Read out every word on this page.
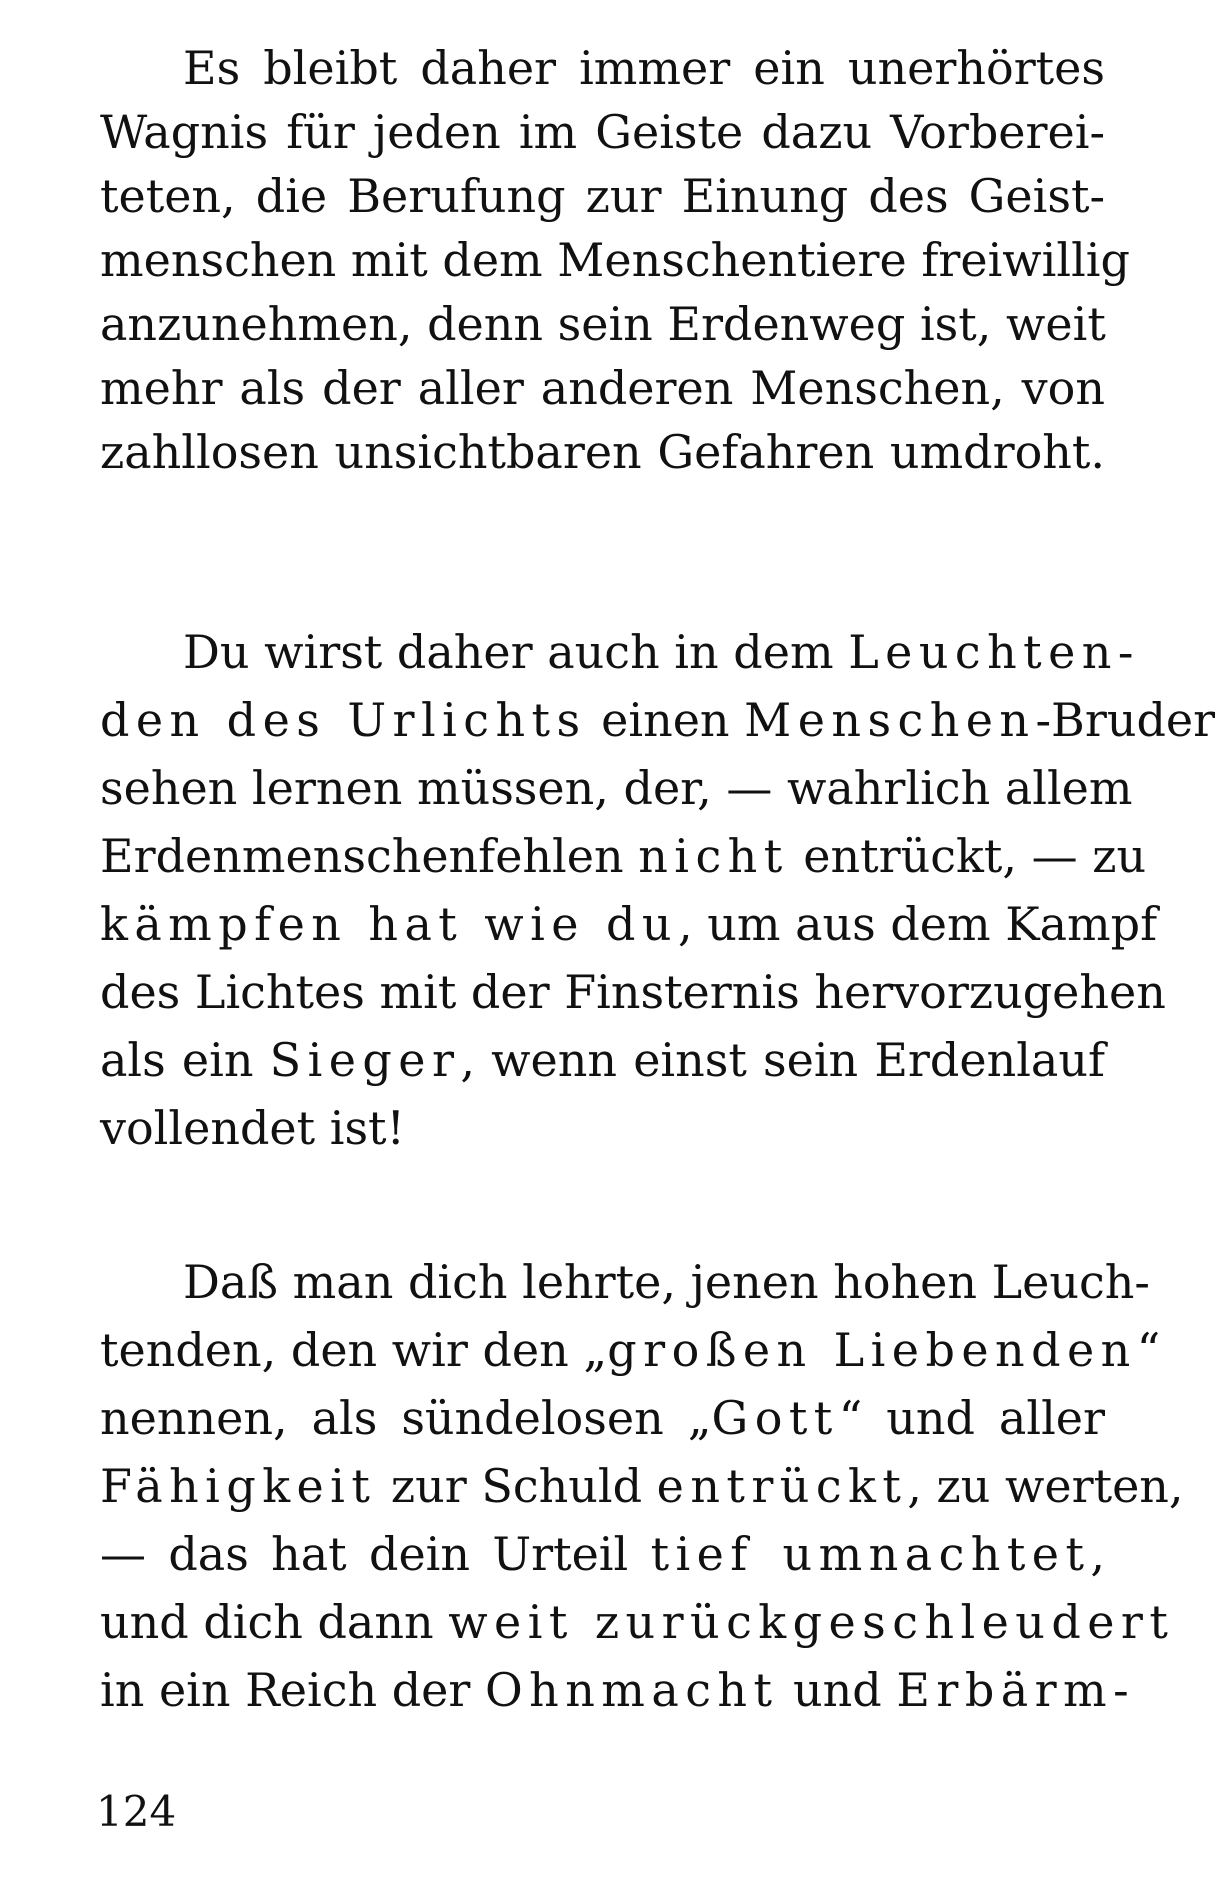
Es bleibt daher immer ein unerhörtes
Wagnis für jeden im Geiste dazu Vorberei-
teten, die Berufung zur Einung des Geist-
menschen mit dem Menschentiere freiwillig
anzunehmen, denn sein Erdenweg ist, weit
mehr als der aller anderen Menschen, von
zahllosen unsichtbaren Gefahren umdroht.
Du wirst daher auch in dem Leuchten-
den des Urlichts einen Menschen-Bruder
sehen lernen müssen, der, — wahrlich allem
Erdenmenschenfehlen nicht entrückt, — zu
kämpfen hat wie du, um aus dem Kampf
des Lichtes mit der Finsternis hervorzugehen
als ein Sieger, wenn einst sein Erdenlauf
vollendet ist!
Daß man dich lehrte, jenen hohen Leuch-
tenden, den wir den „großen Liebenden“
nennen, als sündelosen „Gott“ und aller
Fähigkeit zur Schuld entrückt, zu werten,
— das hat dein Urteil tief umnachtet,
und dich dann weit zurückgeschleudert
in ein Reich der Ohnmacht und Erbärm-
124
